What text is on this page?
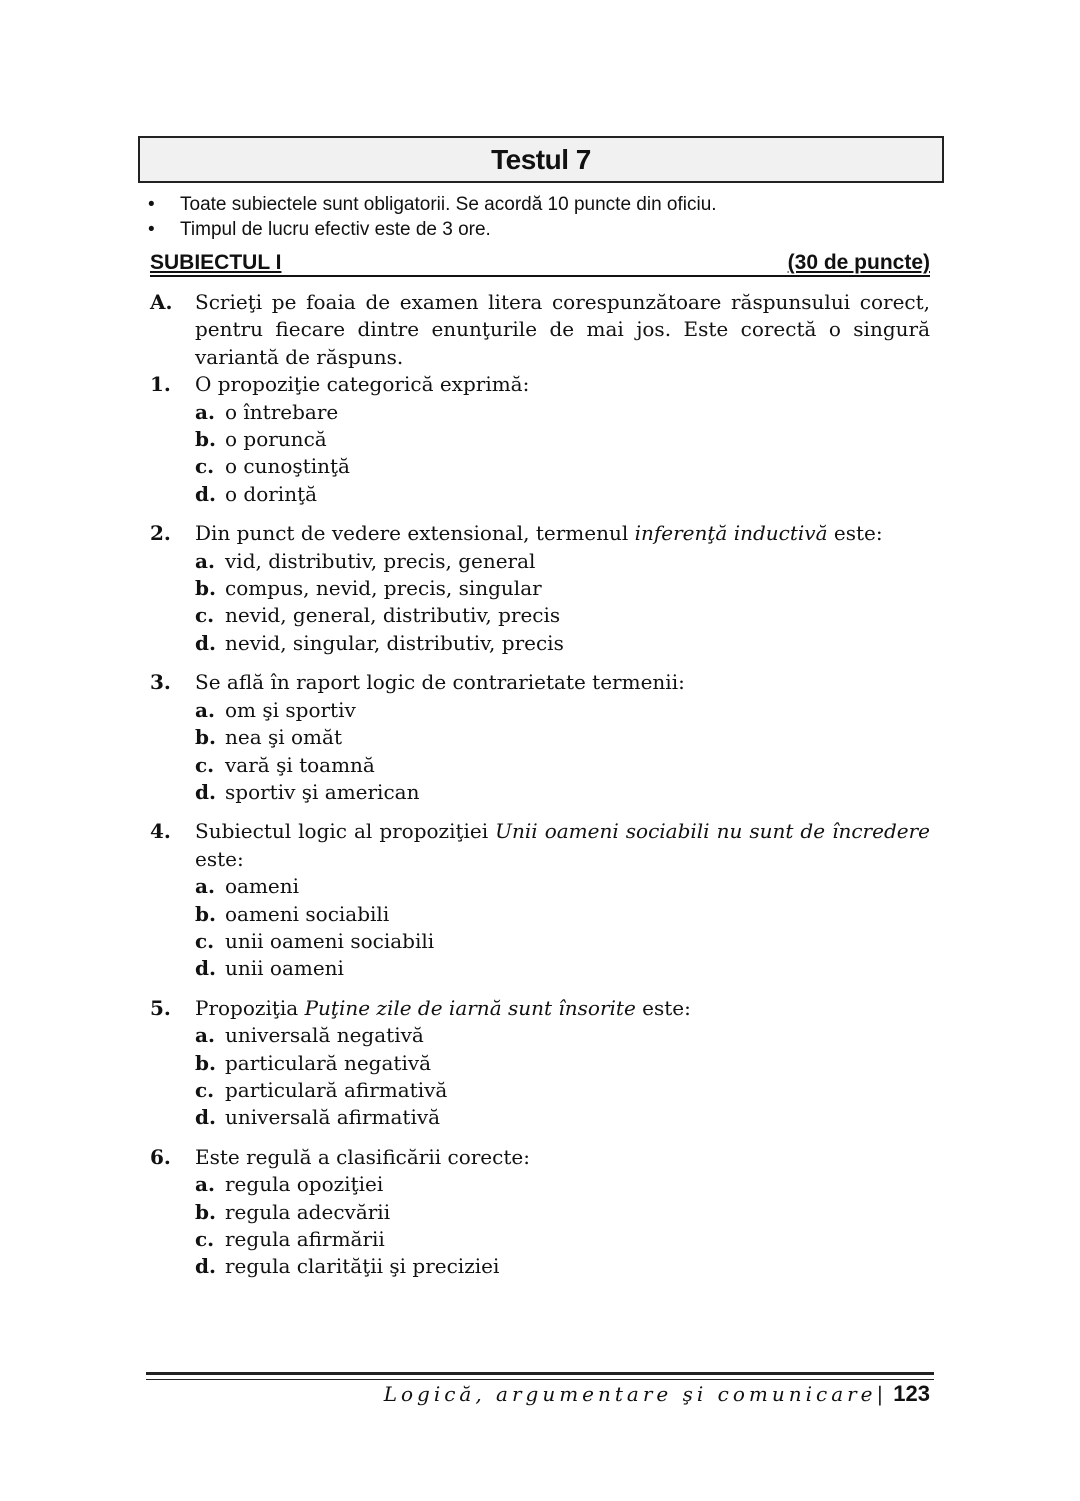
Testul 7
• Toate subiectele sunt obligatorii. Se acordă 10 puncte din oficiu.
• Timpul de lucru efectiv este de 3 ore.
SUBIECTUL I	(30 de puncte)
A.	Scrieţi pe foaia de examen litera corespunzătoare răspunsului corect, pentru fiecare dintre enunţurile de mai jos. Este corectă o singură variantă de răspuns.
1.	O propoziţie categorică exprimă:
a. o întrebare
b. o poruncă
c. o cunoştinţă
d. o dorinţă
2.	Din punct de vedere extensional, termenul inferenţă inductivă este:
a. vid, distributiv, precis, general
b. compus, nevid, precis, singular
c. nevid, general, distributiv, precis
d. nevid, singular, distributiv, precis
3.	Se află în raport logic de contrarietate termenii:
a. om şi sportiv
b. nea şi omăt
c. vară şi toamnă
d. sportiv şi american
4.	Subiectul logic al propoziţiei Unii oameni sociabili nu sunt de încredere este:
a. oameni
b. oameni sociabili
c. unii oameni sociabili
d. unii oameni
5.	Propoziţia Puţine zile de iarnă sunt însorite este:
a. universală negativă
b. particulară negativă
c. particulară afirmativă
d. universală afirmativă
6.	Este regulă a clasificării corecte:
a. regula opoziţiei
b. regula adecvării
c. regula afirmării
d. regula clarităţii şi preciziei
Logică, argumentare şi comunicare | 123
